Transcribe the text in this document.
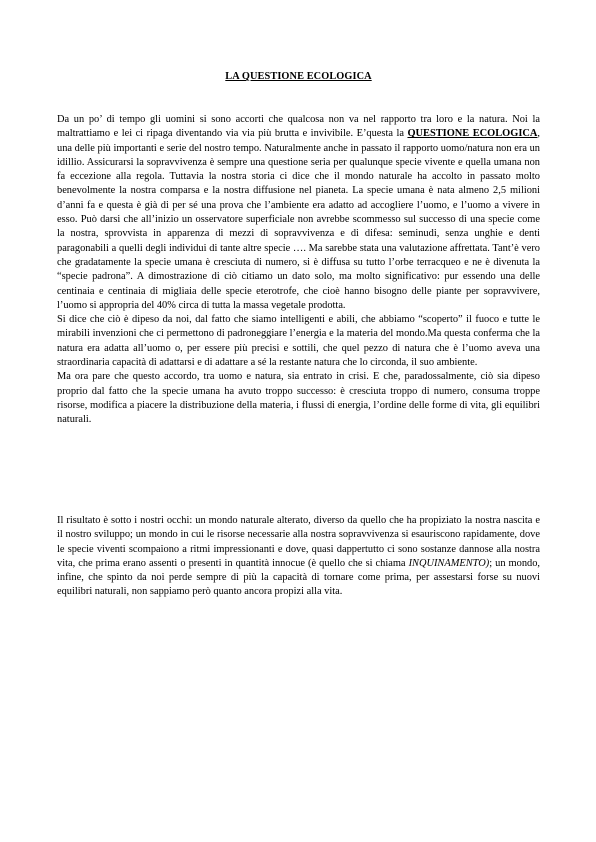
LA QUESTIONE ECOLOGICA

Da un po’ di tempo gli uomini si sono accorti che qualcosa non va nel rapporto tra loro e la natura. Noi la maltrattiamo e lei ci ripaga diventando via via più brutta e invivibile. E’questa la QUESTIONE ECOLOGICA, una delle più importanti e serie del nostro tempo. Naturalmente anche in passato il rapporto uomo/natura non era un idillio. Assicurarsi la sopravvivenza è sempre una questione seria per qualunque specie vivente e quella umana non fa eccezione alla regola. Tuttavia la nostra storia ci dice che il mondo naturale ha accolto in passato molto benevolmente la nostra comparsa e la nostra diffusione nel pianeta. La specie umana è nata almeno 2,5 milioni d’anni fa e questa è già di per sé una prova che l’ambiente era adatto ad accogliere l’uomo, e l’uomo a vivere in esso. Può darsi che all’inizio un osservatore superficiale non avrebbe scommesso sul successo di una specie come la nostra, sprovvista in apparenza di mezzi di sopravvivenza e di difesa: seminudi, senza unghie e denti paragonabili a quelli degli individui di tante altre specie …. Ma sarebbe stata una valutazione affrettata. Tant’è vero che gradatamente la specie umana è cresciuta di numero, si è diffusa su tutto l’orbe terracqueo e ne è divenuta la “specie padrona”. A dimostrazione di ciò citiamo un dato solo, ma molto significativo: pur essendo una delle centinaia e centinaia di migliaia delle specie eterotrofe, che cioè hanno bisogno delle piante per sopravvivere, l’uomo si appropria del 40% circa di tutta la massa vegetale prodotta.

Si dice che ciò è dipeso da noi, dal fatto che siamo intelligenti e abili, che abbiamo “scoperto” il fuoco e tutte le mirabili invenzioni che ci permettono di padroneggiare l’energia e la materia del mondo.Ma questa conferma che la natura era adatta all’uomo o, per essere più precisi e sottili, che quel pezzo di natura che è l’uomo aveva una straordinaria capacità di adattarsi e di adattare a sé la restante natura che lo circonda, il suo ambiente.

Ma ora pare che questo accordo, tra uomo e natura, sia entrato in crisi. E che, paradossalmente, ciò sia dipeso proprio dal fatto che la specie umana ha avuto troppo successo: è cresciuta troppo di numero, consuma troppe risorse, modifica a piacere la distribuzione della materia, i flussi di energia, l’ordine delle forme di vita, gli equilibri naturali.

Il risultato è sotto i nostri occhi: un mondo naturale alterato, diverso da quello che ha propiziato la nostra nascita e il nostro sviluppo; un mondo in cui le risorse necessarie alla nostra sopravvivenza si esauriscono rapidamente, dove le specie viventi scompaiono a ritmi impressionanti e dove, quasi dappertutto ci sono sostanze dannose alla nostra vita, che prima erano assenti o presenti in quantità innocue (è quello che si chiama INQUINAMENTO); un mondo, infine, che spinto da noi perde sempre di più la capacità di tornare come prima, per assestarsi forse su nuovi equilibri naturali, non sappiamo però quanto ancora propizi alla vita.
